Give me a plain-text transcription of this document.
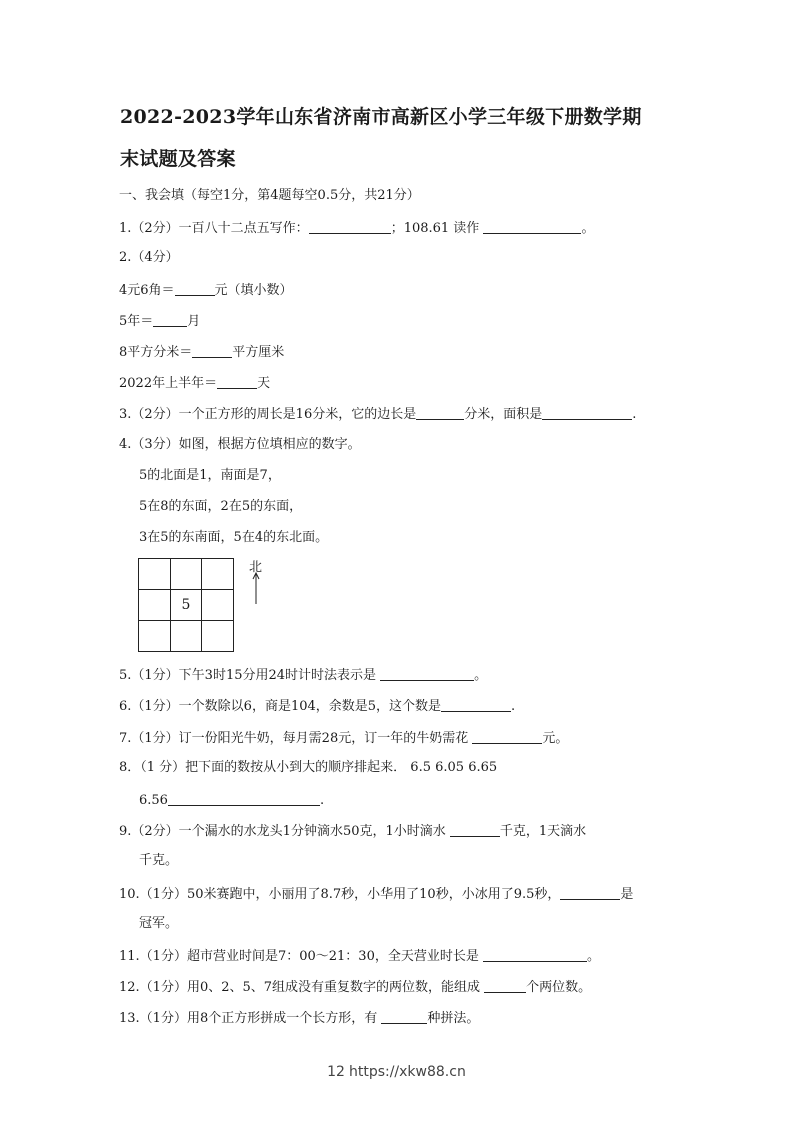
2022-2023学年山东省济南市高新区小学三年级下册数学期
末试题及答案
一、我会填（每空1分，第4题每空0.5分，共21分）
1.（2分）一百八十二点五写作：	；108.61 读作	。
2.（4分）
4元6角＝	元（填小数）
5年＝	月
8平方分米＝	平方厘米
2022年上半年＝	天
3.（2分）一个正方形的周长是16分米，它的边长是	分米，面积是	.
4.（3分）如图，根据方位填相应的数字。
5的北面是1，南面是7，
5在8的东面，2在5的东面，
3在5的东南面，5在4的东北面。
5
北
5.（1分）下午3时15分用24时计时法表示是	。
6.（1分）一个数除以6，商是104，余数是5，这个数是	.
7.（1分）订一份阳光牛奶，每月需28元，订一年的牛奶需花	元。
8．（1 分）把下面的数按从小到大的顺序排起来． 6.5 6.05 6.65
6.56	.
9.（2分）一个漏水的水龙头1分钟滴水50克，1小时滴水	千克，1天滴水
千克。
10.（1分）50米赛跑中，小丽用了8.7秒，小华用了10秒，小冰用了9.5秒，	是
冠军。
11.（1分）超市营业时间是7：00～21：30，全天营业时长是	。
12.（1分）用0、2、5、7组成没有重复数字的两位数，能组成	个两位数。
13.（1分）用8个正方形拼成一个长方形，有	种拼法。
12 https://xkw88.cn
